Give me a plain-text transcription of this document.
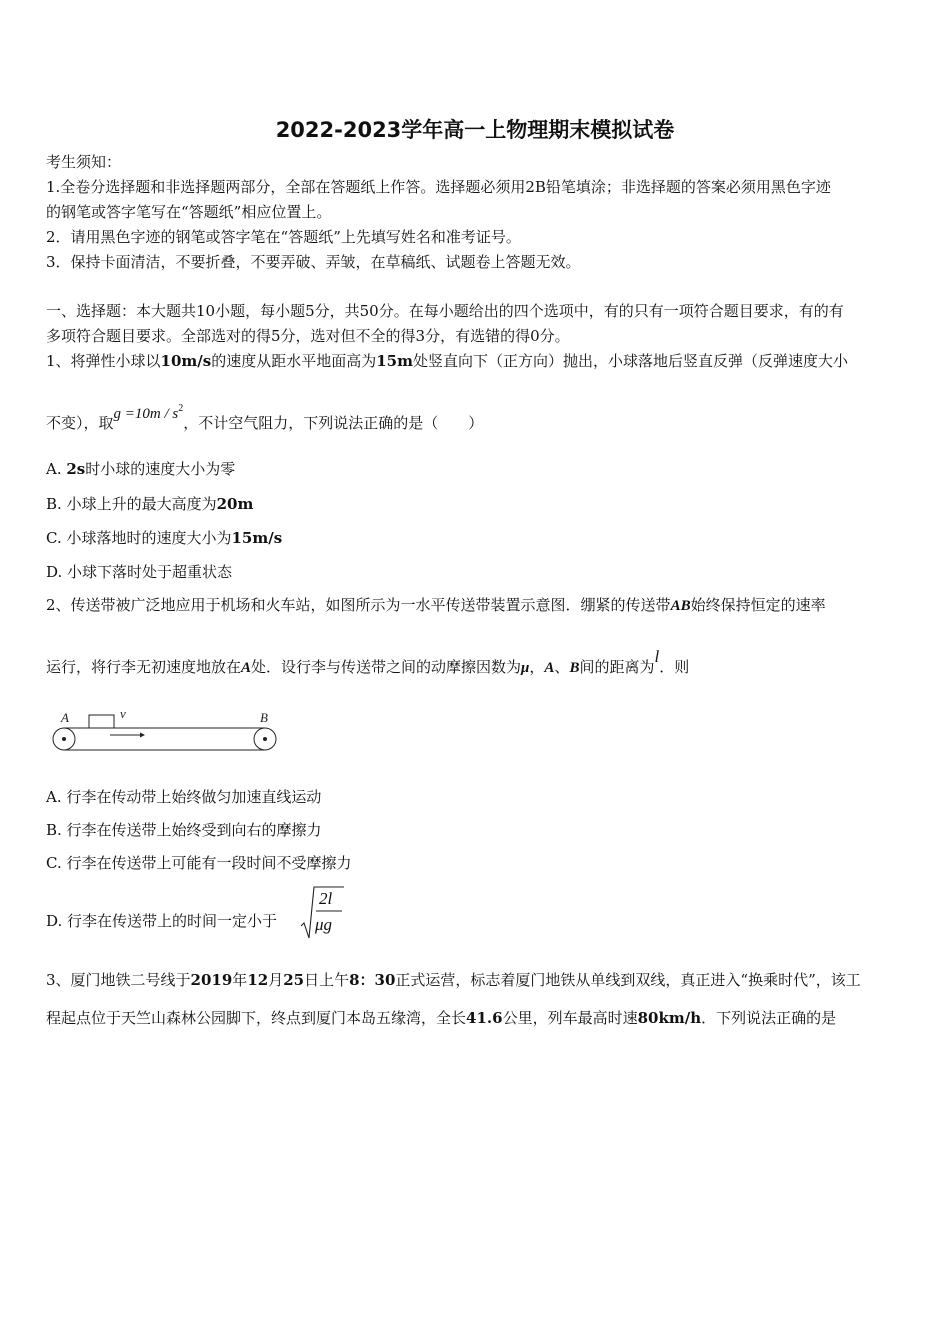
2022-2023学年高一上物理期末模拟试卷
考生须知：
1.全卷分选择题和非选择题两部分，全部在答题纸上作答。选择题必须用2B铅笔填涂；非选择题的答案必须用黑色字迹
的钢笔或答字笔写在“答题纸”相应位置上。
2．请用黑色字迹的钢笔或答字笔在“答题纸”上先填写姓名和准考证号。
3．保持卡面清洁，不要折叠，不要弄破、弄皱，在草稿纸、试题卷上答题无效。
一、选择题：本大题共10小题，每小题5分，共50分。在每小题给出的四个选项中，有的只有一项符合题目要求，有的有
多项符合题目要求。全部选对的得5分，选对但不全的得3分，有选错的得0分。
1、将弹性小球以10m/s的速度从距水平地面高为15m处竖直向下（正方向）抛出，小球落地后竖直反弹（反弹速度大小
不变），取$g =10m / s^2$，不计空气阻力，下列说法正确的是（　　）
A. 2s时小球的速度大小为零
B. 小球上升的最大高度为20m
C. 小球落地时的速度大小为15m/s
D. 小球下落时处于超重状态
2、传送带被广泛地应用于机场和火车站，如图所示为一水平传送带装置示意图．绷紧的传送带AB始终保持恒定的速率
运行，将行李无初速度地放在A处．设行李与传送带之间的动摩擦因数为μ，A、B间的距离为l．则
A	B
v
A. 行李在传动带上始终做匀加速直线运动
B. 行李在传送带上始终受到向右的摩擦力
C. 行李在传送带上可能有一段时间不受摩擦力
D. 行李在传送带上的时间一定小于
2l
μg
3、厦门地铁二号线于2019年12月25日上午8：30正式运营，标志着厦门地铁从单线到双线，真正进入“换乘时代”，该工
程起点位于天竺山森林公园脚下，终点到厦门本岛五缘湾，全长41.6公里，列车最高时速80km/h．下列说法正确的是
